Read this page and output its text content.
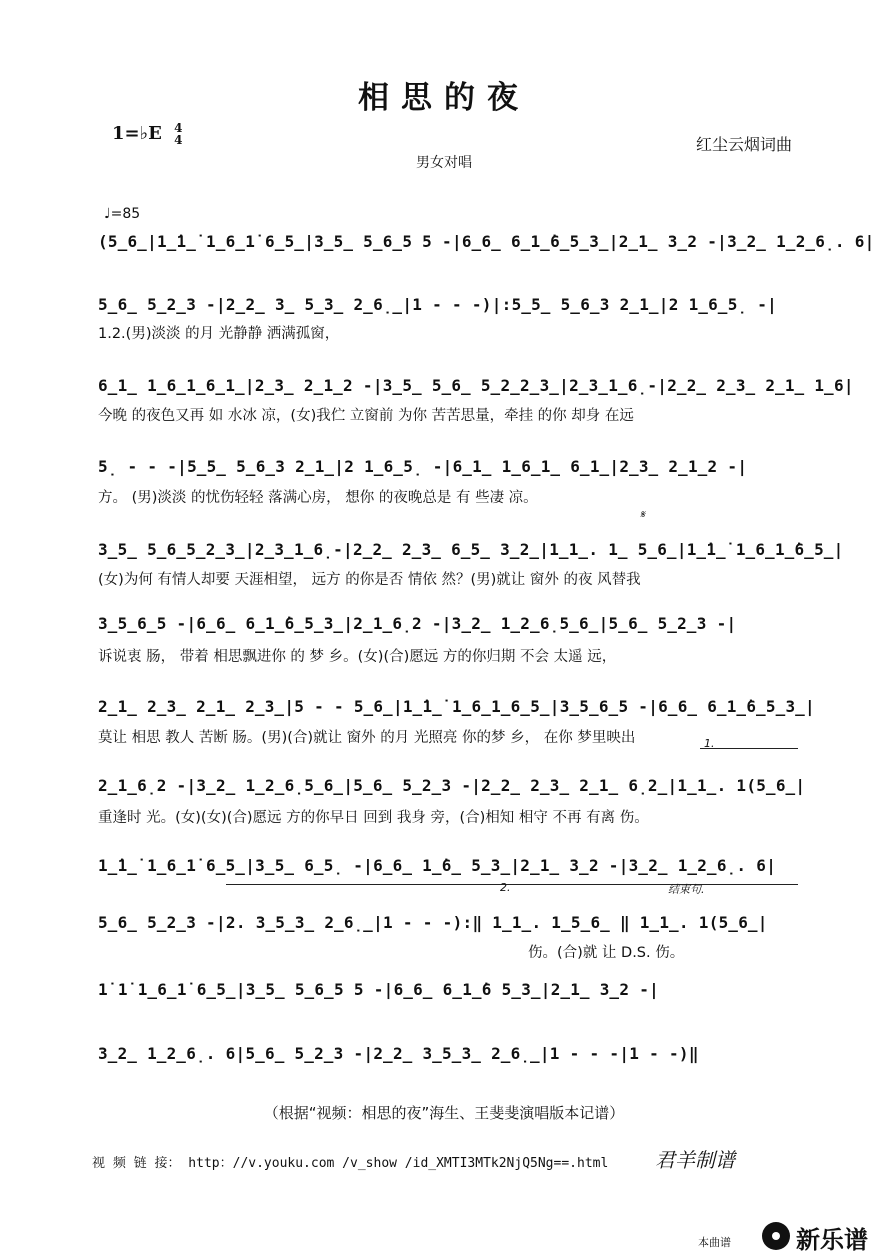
相思的夜
1=♭E 4
4	红尘云烟词曲
男女对唱
♩=85
(5̲6̲|1̲̇1̲̇ 1̲6̲1̇ 6̲5̲|3̲5̲ 5̲6̲5 5 -|6̲6̲ 6̲1̲̇6̲5̲3̲|2̲1̲ 3̲2 -|3̲2̲ 1̲2̲6̣. 6|
5̲6̲ 5̲2̲3 -|2̲2̲ 3̲ 5̲3̲ 2̲6̣̲|1 - - -)|:5̲5̲ 5̲6̲3 2̲1̲|2 1̲6̲5̣ -|
1.2.(男)淡淡 的月 光静静 洒满孤窗，
6̲1̲ 1̲6̲1̲6̲1̲|2̲3̲ 2̲1̲2 -|3̲5̲ 5̲6̲ 5̲2̲2̲3̲|2̲3̲1̲6̣-|2̲2̲ 2̲3̲ 2̲1̲ 1̲6|
今晚 的夜色又再 如 水冰 凉，(女)我伫 立窗前 为你 苦苦思量，牵挂 的你 却身 在远
5̣ - - -|5̲5̲ 5̲6̲3 2̲1̲|2 1̲6̲5̣ -|6̲1̲ 1̲6̲1̲ 6̲1̲|2̲3̲ 2̲1̲2 -|
方。 (男)淡淡 的忧伤轻轻 落满心房， 想你 的夜晚总是 有 些凄 凉。
𝄋
3̲5̲ 5̲6̲5̲2̲3̲|2̲3̲1̲6̣-|2̲2̲ 2̲3̲ 6̲5̲ 3̲2̲|1̲1̲. 1̲ 5̲6̲|1̲̇1̲̇ 1̲6̲1̲̇6̲5̲|
(女)为何 有情人却要 天涯相望， 远方 的你是否 情依 然？(男)就让 窗外 的夜 风替我
3̲5̲6̲5 -|6̲6̲ 6̲1̲̇6̲5̲3̲|2̲1̲6̣2 -|3̲2̲ 1̲2̲6̣5̲6̲|5̲6̲ 5̲2̲3 -|
诉说衷 肠， 带着 相思飘进你 的 梦 乡。(女)(合)愿远 方的你归期 不会 太遥 远，
2̲1̲ 2̲3̲ 2̲1̲ 2̲3̲|5 - - 5̲6̲|1̲̇1̲̇ 1̲6̲1̲6̲5̲|3̲5̲6̲5 -|6̲6̲ 6̲1̲̇6̲5̲3̲|
莫让 相思 教人 苦断 肠。(男)(合)就让 窗外 的月 光照亮 你的梦 乡， 在你 梦里映出	1.
2̲1̲6̣2 -|3̲2̲ 1̲2̲6̣5̲6̲|5̲6̲ 5̲2̲3 -|2̲2̲ 2̲3̲ 2̲1̲ 6̣2̲|1̲1̲. 1(5̲6̲|
重逢时 光。(女)(女)(合)愿远 方的你早日 回到 我身 旁，(合)相知 相守 不再 有离 伤。
1̲̇1̲̇ 1̲6̲1̇ 6̲5̲|3̲5̲ 6̲5̣ -|6̲6̲ 1̲̇6̲ 5̲3̲|2̲1̲ 3̲2 -|3̲2̲ 1̲2̲6̣. 6|
2.	结束句.
5̲6̲ 5̲2̲3 -|2. 3̲5̲3̲ 2̲6̣̲|1 - - -):‖ 1̲1̲. 1̲5̲6̲ ‖ 1̲1̲. 1(5̲6̲|
伤。(合)就 让 D.S. 伤。
1̇ 1̇ 1̲6̲1̇ 6̲5̲|3̲5̲ 5̲6̲5 5 -|6̲6̲ 6̲1̲̇6 5̲3̲|2̲1̲ 3̲2 -|
3̲2̲ 1̲2̲6̣. 6|5̲6̲ 5̲2̲3 -|2̲2̲ 3̲5̲3̲ 2̲6̣̲|1 - - -|1 - -)‖
（根据“视频：相思的夜”海生、王斐斐演唱版本记谱）
视 频 链 接： http：//v.youku.com /v_show /id_XMTI3MTk2NjQ5Ng==.html 君羊制谱
本曲谱	新乐谱
